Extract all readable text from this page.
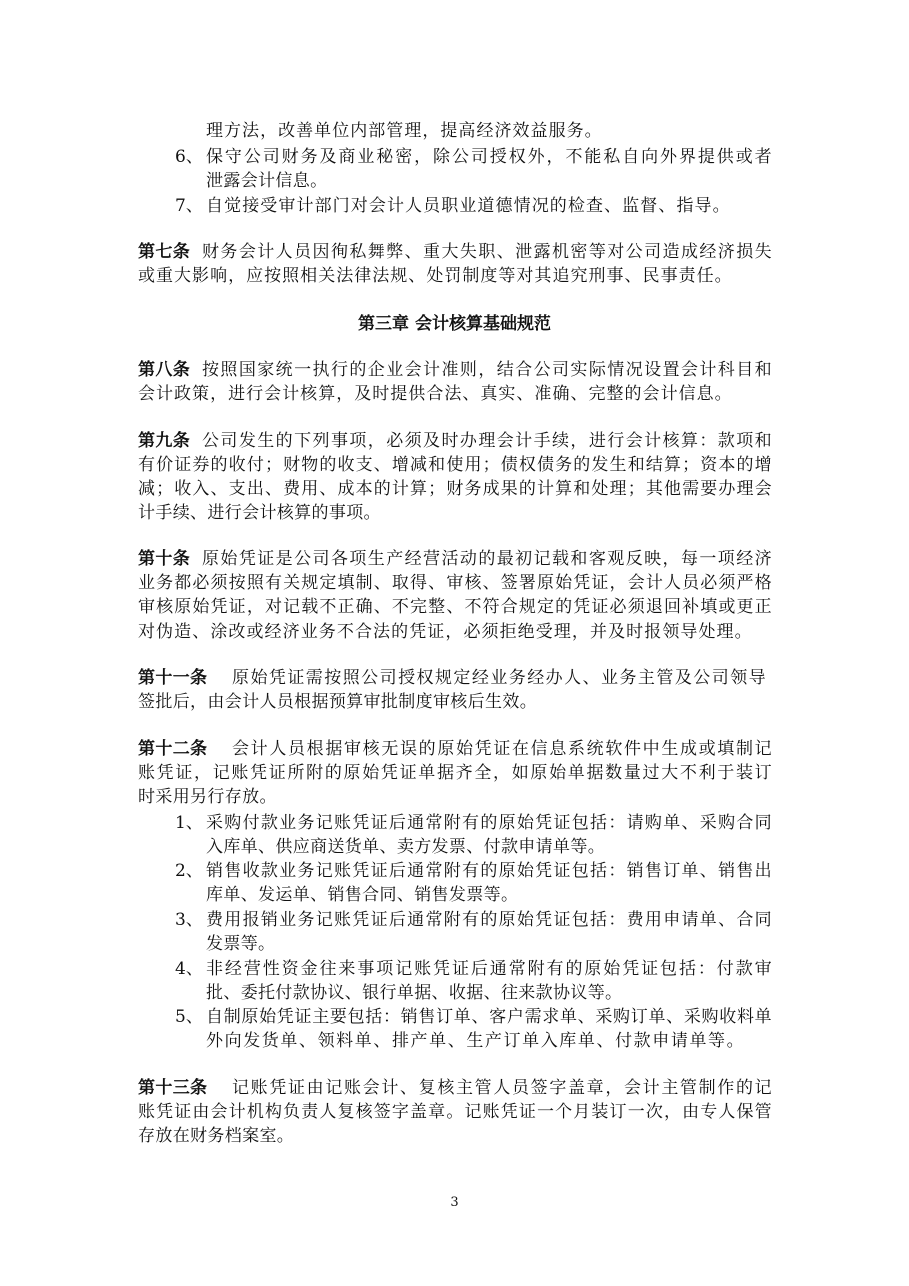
理方法，改善单位内部管理，提高经济效益服务。
6、 保守公司财务及商业秘密，除公司授权外，不能私自向外界提供或者
泄露会计信息。
7、 自觉接受审计部门对会计人员职业道德情况的检查、监督、指导。
第七条 财务会计人员因徇私舞弊、重大失职、泄露机密等对公司造成经济损失
或重大影响，应按照相关法律法规、处罚制度等对其追究刑事、民事责任。
第三章 会计核算基础规范
第八条 按照国家统一执行的企业会计准则，结合公司实际情况设置会计科目和
会计政策，进行会计核算，及时提供合法、真实、准确、完整的会计信息。
第九条 公司发生的下列事项，必须及时办理会计手续，进行会计核算：款项和
有价证券的收付；财物的收支、增减和使用；债权债务的发生和结算；资本的增
减；收入、支出、费用、成本的计算；财务成果的计算和处理；其他需要办理会
计手续、进行会计核算的事项。
第十条 原始凭证是公司各项生产经营活动的最初记载和客观反映，每一项经济
业务都必须按照有关规定填制、取得、审核、签署原始凭证，会计人员必须严格
审核原始凭证，对记载不正确、不完整、不符合规定的凭证必须退回补填或更正
对伪造、涂改或经济业务不合法的凭证，必须拒绝受理，并及时报领导处理。
第十一条 原始凭证需按照公司授权规定经业务经办人、业务主管及公司领导
签批后，由会计人员根据预算审批制度审核后生效。
第十二条 会计人员根据审核无误的原始凭证在信息系统软件中生成或填制记
账凭证，记账凭证所附的原始凭证单据齐全，如原始单据数量过大不利于装订
时采用另行存放。
1、 采购付款业务记账凭证后通常附有的原始凭证包括：请购单、采购合同
入库单、供应商送货单、卖方发票、付款申请单等。
2、 销售收款业务记账凭证后通常附有的原始凭证包括：销售订单、销售出
库单、发运单、销售合同、销售发票等。
3、 费用报销业务记账凭证后通常附有的原始凭证包括：费用申请单、合同
发票等。
4、 非经营性资金往来事项记账凭证后通常附有的原始凭证包括：付款审
批、委托付款协议、银行单据、收据、往来款协议等。
5、 自制原始凭证主要包括：销售订单、客户需求单、采购订单、采购收料单
外向发货单、领料单、排产单、生产订单入库单、付款申请单等。
第十三条 记账凭证由记账会计、复核主管人员签字盖章，会计主管制作的记
账凭证由会计机构负责人复核签字盖章。记账凭证一个月装订一次，由专人保管
存放在财务档案室。
3
